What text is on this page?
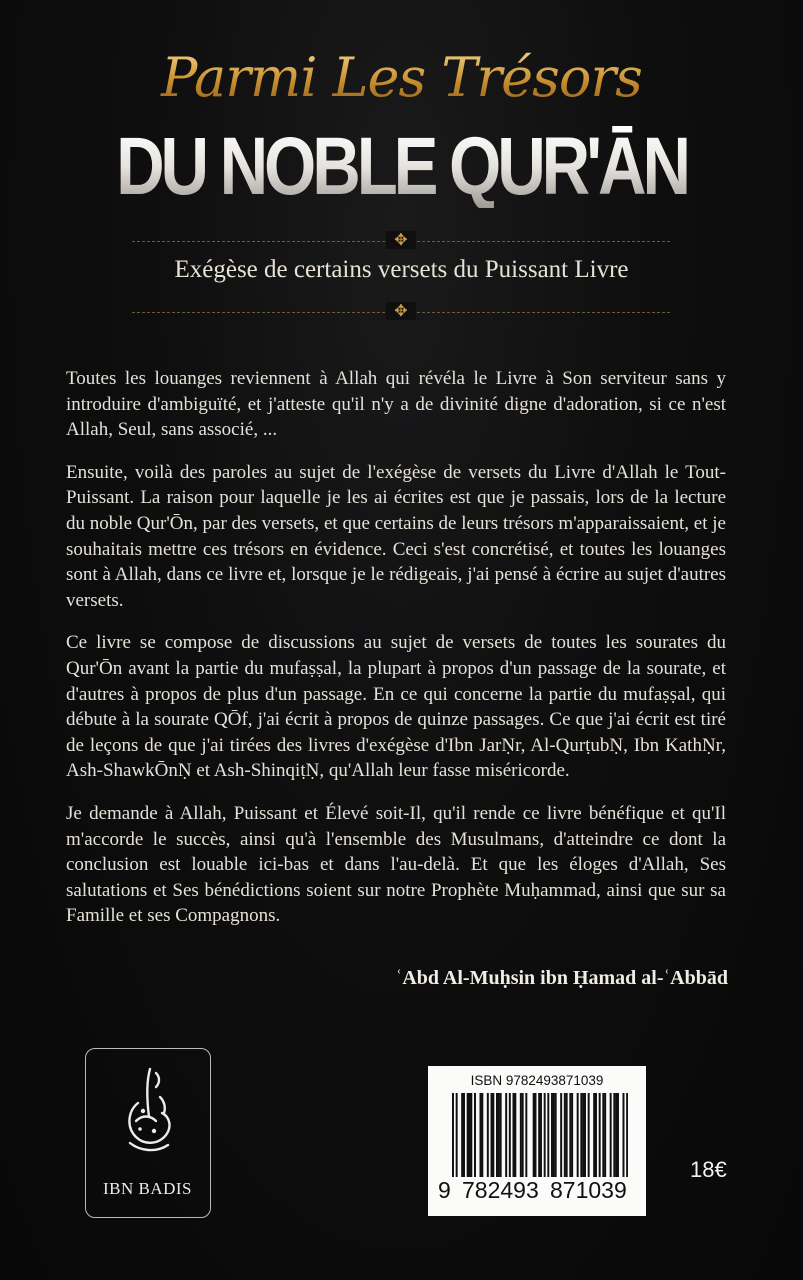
Parmi Les Trésors
DU NOBLE QUR'ĀN
✥
Exégèse de certains versets du Puissant Livre
✥

Toutes les louanges reviennent à Allah qui révéla le Livre à Son serviteur sans y introduire d'ambiguïté, et j'atteste qu'il n'y a de divinité digne d'adoration, si ce n'est Allah, Seul, sans associé, ...

Ensuite, voilà des paroles au sujet de l'exégèse de versets du Livre d'Allah le Tout-Puissant. La raison pour laquelle je les ai écrites est que je passais, lors de la lecture du noble Qur'Ōn, par des versets, et que certains de leurs trésors m'apparaissaient, et je souhaitais mettre ces trésors en évidence. Ceci s'est concrétisé, et toutes les louanges sont à Allah, dans ce livre et, lorsque je le rédigeais, j'ai pensé à écrire au sujet d'autres versets.

Ce livre se compose de discussions au sujet de versets de toutes les sourates du Qur'Ōn avant la partie du mufaṣṣal, la plupart à propos d'un passage de la sourate, et d'autres à propos de plus d'un passage. En ce qui concerne la partie du mufaṣṣal, qui débute à la sourate QŌf, j'ai écrit à propos de quinze passages. Ce que j'ai écrit est tiré de leçons de que j'ai tirées des livres d'exégèse d'Ibn JarṆr, Al-QurṭubṆ, Ibn KathṆr, Ash-ShawkŌnṆ et Ash-ShinqiṭṆ, qu'Allah leur fasse miséricorde.

Je demande à Allah, Puissant et Élevé soit-Il, qu'il rende ce livre bénéfique et qu'Il m'accorde le succès, ainsi qu'à l'ensemble des Musulmans, d'atteindre ce dont la conclusion est louable ici-bas et dans l'au-delà. Et que les éloges d'Allah, Ses salutations et Ses bénédictions soient sur notre Prophète Muḥammad, ainsi que sur sa Famille et ses Compagnons.

ʿAbd Al-Muḥsin ibn Ḥamad al-ʿAbbād
IBN BADIS
ISBN 9782493871039
9 782493 871039
18€
